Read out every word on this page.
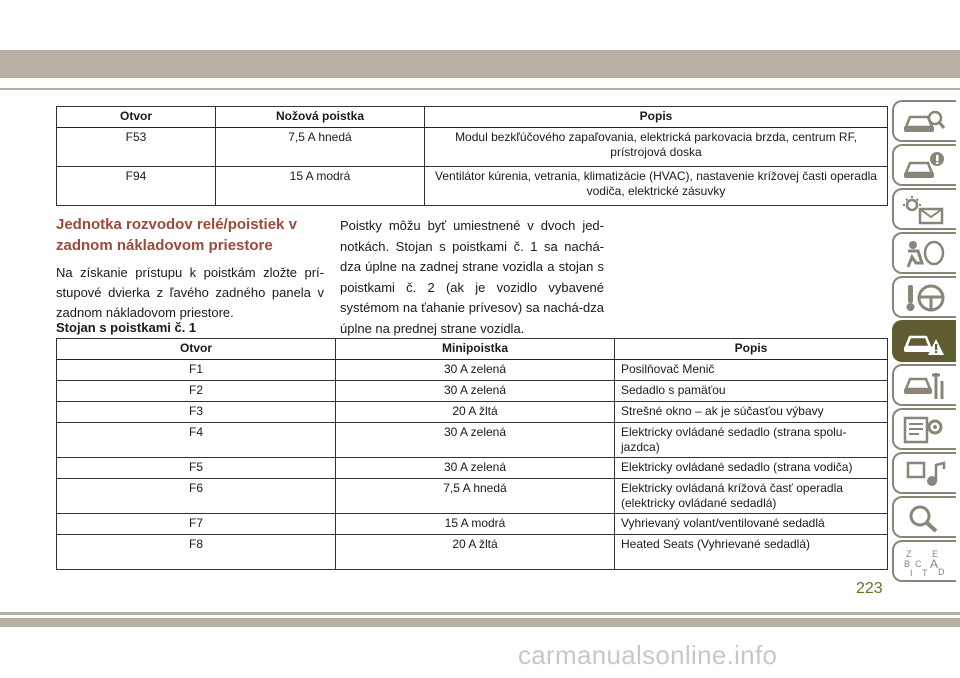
Otvor	Nožová poistka	Popis
F53	7,5 A hnedá	Modul bezkľúčového zapaľovania, elektrická parkovacia brzda, centrum RF, prístrojová doska
F94	15 A modrá	Ventilátor kúrenia, vetrania, klimatizácie (HVAC), nastavenie krížovej časti operadla vodiča, elektrické zásuvky
Jednotka rozvodov relé/poistiek v zadnom nákladovom priestore
Na získanie prístupu k poistkám zložte prí-stupové dvierka z ľavého zadného panela v zadnom nákladovom priestore.
Stojan s poistkami č. 1
Poistky môžu byť umiestnené v dvoch jed-notkách. Stojan s poistkami č. 1 sa nachá-dza úplne na zadnej strane vozidla a stojan s poistkami č. 2 (ak je vozidlo vybavené systémom na ťahanie prívesov) sa nachá-dza úplne na prednej strane vozidla.
Otvor	Minipoistka	Popis
F1	30 A zelená	Posilňovač Menič
F2	30 A zelená	Sedadlo s pamäťou
F3	20 A žltá	Strešné okno – ak je súčasťou výbavy
F4	30 A zelená	Elektricky ovládané sedadlo (strana spolu-jazdca)
F5	30 A zelená	Elektricky ovládané sedadlo (strana vodiča)
F6	7,5 A hnedá	Elektricky ovládaná krížová časť operadla (elektricky ovládané sedadlá)
F7	15 A modrá	Vyhrievaný volant/ventilované sedadlá
F8	20 A žltá	Heated Seats (Vyhrievané sedadlá)
Z E
B A
C
D
I T
223
carmanualsonline.info
